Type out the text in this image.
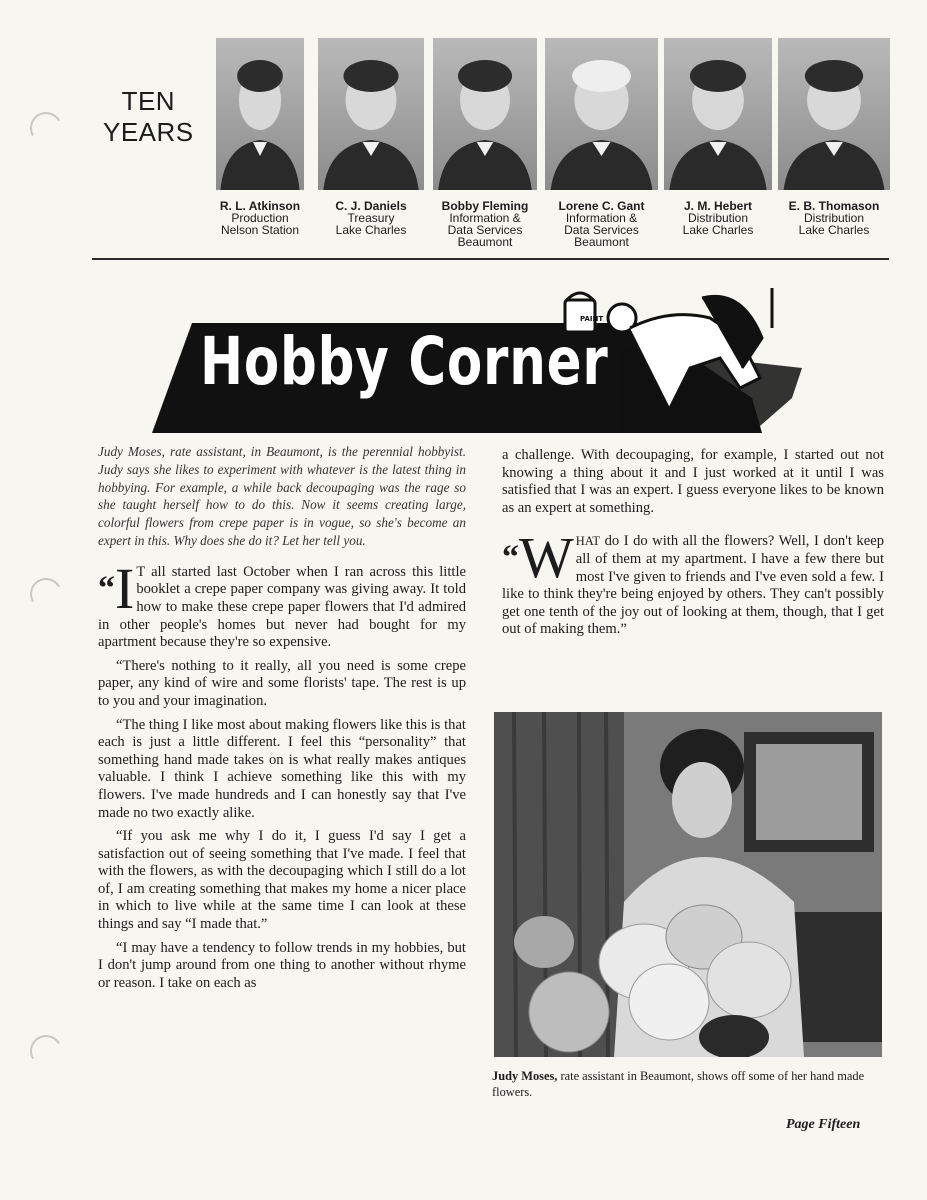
TEN
YEARS
R. L. Atkinson
Production
Nelson Station
C. J. Daniels
Treasury
Lake Charles
Bobby Fleming
Information &
Data Services
Beaumont
Lorene C. Gant
Information &
Data Services
Beaumont
J. M. Hebert
Distribution
Lake Charles
E. B. Thomason
Distribution
Lake Charles
PAINT
Hobby Corner

Judy Moses, rate assistant, in Beaumont, is the perennial hobbyist. Judy says she likes to experiment with whatever is the latest thing in hobbying. For example, a while back decoupaging was the rage so she taught herself how to do this. Now it seems creating large, colorful flowers from crepe paper is in vogue, so she's become an expert in this. Why does she do it? Let her tell you.

“I T all started last October when I ran across this little booklet a crepe paper company was giving away. It told how to make these crepe paper flowers that I'd admired in other people's homes but never had bought for my apartment because they're so expensive.

“There's nothing to it really, all you need is some crepe paper, any kind of wire and some florists' tape. The rest is up to you and your imagination.

“The thing I like most about making flowers like this is that each is just a little different. I feel this “personality” that something hand made takes on is what really makes antiques valuable. I think I achieve something like this with my flowers. I've made hundreds and I can honestly say that I've made no two exactly alike.

“If you ask me why I do it, I guess I'd say I get a satisfaction out of seeing something that I've made. I feel that with the flowers, as with the decoupaging which I still do a lot of, I am creating something that makes my home a nicer place in which to live while at the same time I can look at these things and say “I made that.”

“I may have a tendency to follow trends in my hobbies, but I don't jump around from one thing to another without rhyme or reason. I take on each as

a challenge. With decoupaging, for example, I started out not knowing a thing about it and I just worked at it until I was satisfied that I was an expert. I guess everyone likes to be known as an expert at something.

“W HAT do I do with all the flowers? Well, I don't keep all of them at my apartment. I have a few there but most I've given to friends and I've even sold a few. I like to think they're being enjoyed by others. They can't possibly get one tenth of the joy out of looking at them, though, that I get out of making them.”

Judy Moses, rate assistant in Beaumont, shows off some of her hand made flowers.
Page Fifteen
